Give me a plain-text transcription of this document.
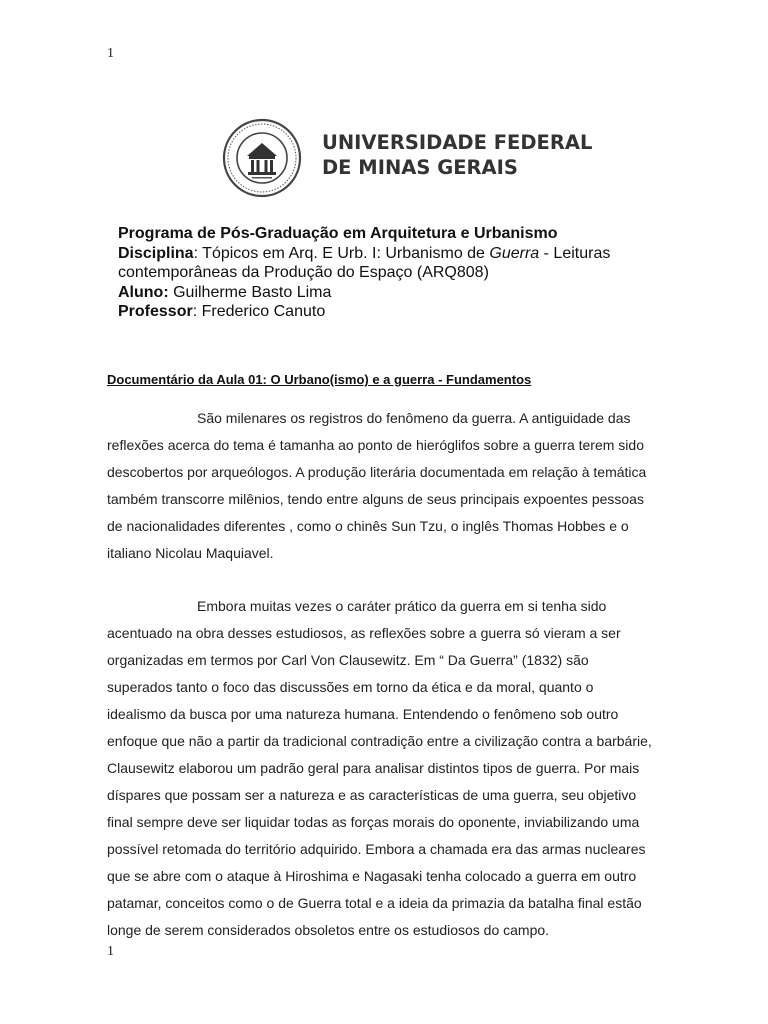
1
UNIVERSIDADE FEDERAL
DE MINAS GERAIS
Programa de Pós-Graduação em Arquitetura e Urbanismo
Disciplina: Tópicos em Arq. E Urb. I: Urbanismo de Guerra - Leituras
contemporâneas da Produção do Espaço (ARQ808)
Aluno: Guilherme Basto Lima
Professor: Frederico Canuto
Documentário da Aula 01: O Urbano(ismo) e a guerra - Fundamentos
São milenares os registros do fenômeno da guerra. A antiguidade das
reflexões acerca do tema é tamanha ao ponto de hieróglifos sobre a guerra terem sido
descobertos por arqueólogos. A produção literária documentada em relação à temática
também transcorre milênios, tendo entre alguns de seus principais expoentes pessoas
de nacionalidades diferentes , como o chinês Sun Tzu, o inglês Thomas Hobbes e o
italiano Nicolau Maquiavel.
Embora muitas vezes o caráter prático da guerra em si tenha sido
acentuado na obra desses estudiosos, as reflexões sobre a guerra só vieram a ser
organizadas em termos por Carl Von Clausewitz. Em “ Da Guerra” (1832) são
superados tanto o foco das discussões em torno da ética e da moral, quanto o
idealismo da busca por uma natureza humana. Entendendo o fenômeno sob outro
enfoque que não a partir da tradicional contradição entre a civilização contra a barbárie,
Clausewitz elaborou um padrão geral para analisar distintos tipos de guerra. Por mais
díspares que possam ser a natureza e as características de uma guerra, seu objetivo
final sempre deve ser liquidar todas as forças morais do oponente, inviabilizando uma
possível retomada do território adquirido. Embora a chamada era das armas nucleares
que se abre com o ataque à Hiroshima e Nagasaki tenha colocado a guerra em outro
patamar, conceitos como o de Guerra total e a ideia da primazia da batalha final estão
longe de serem considerados obsoletos entre os estudiosos do campo.
1
